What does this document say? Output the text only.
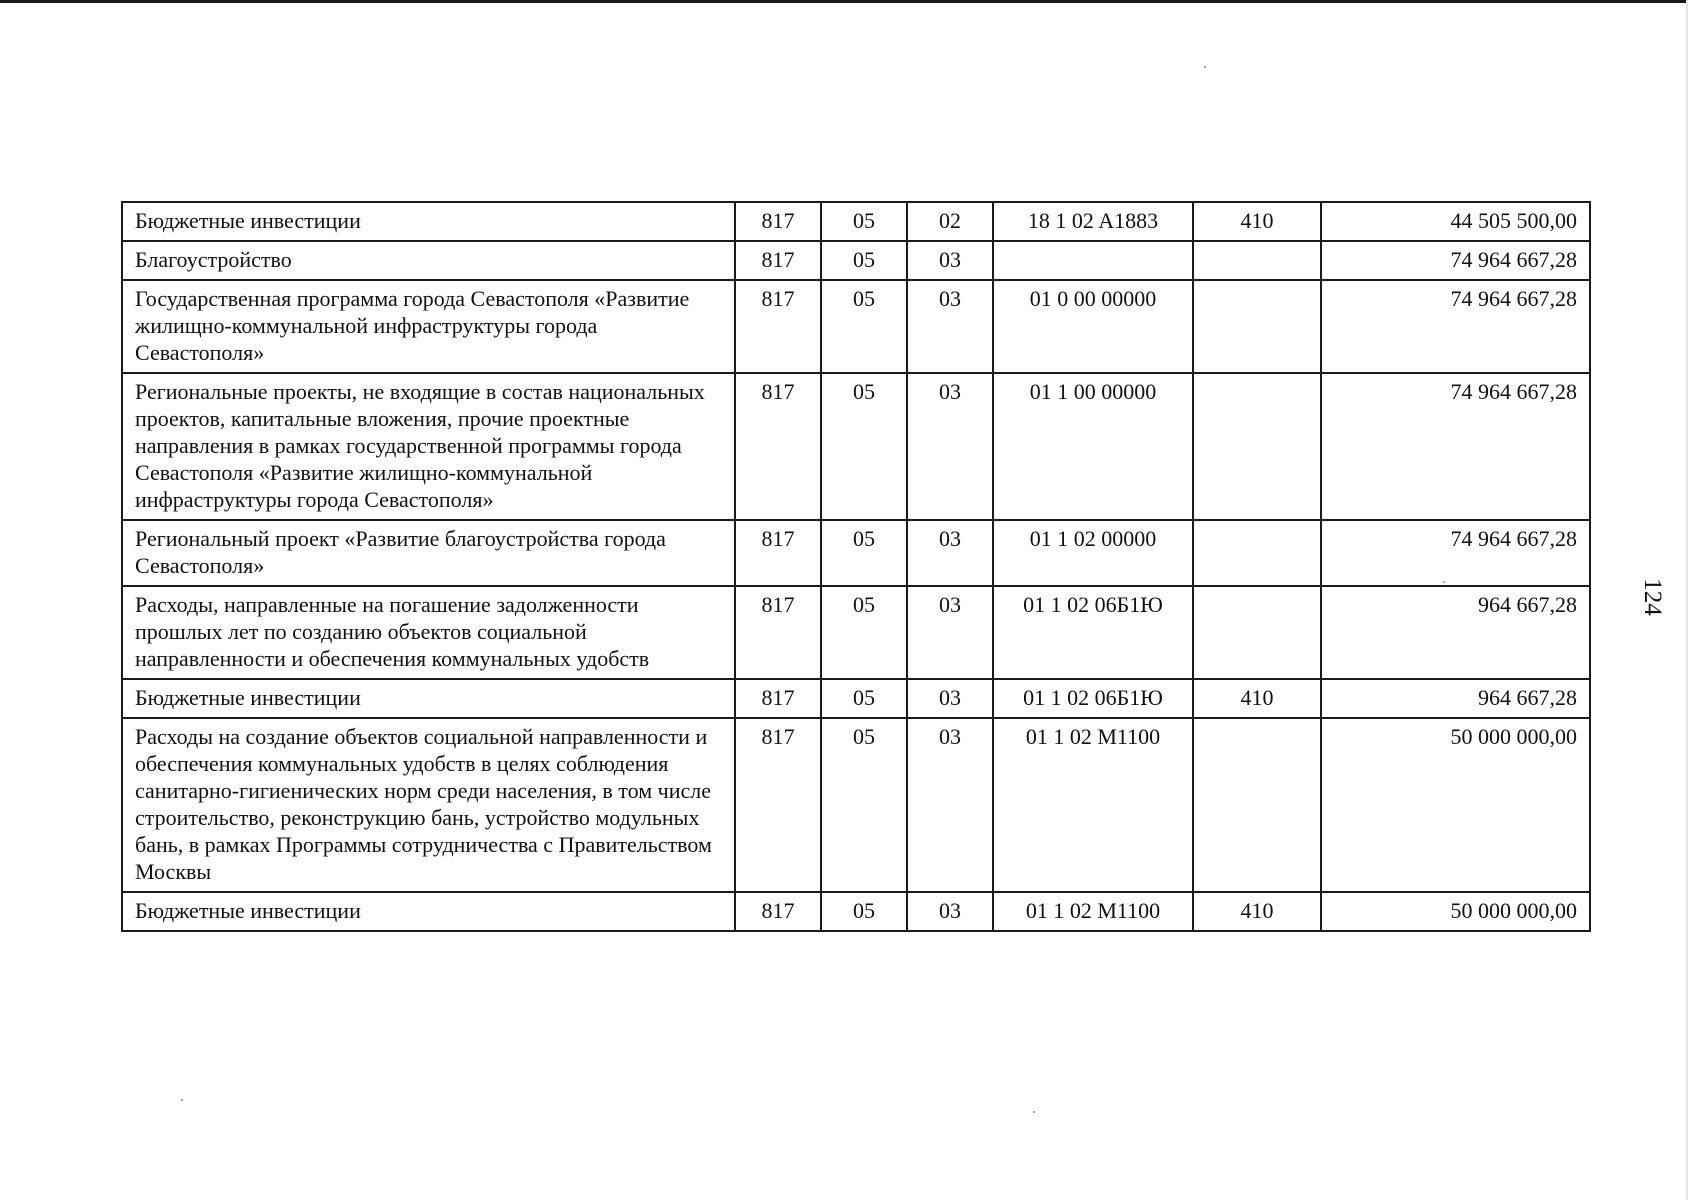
Бюджетные инвестиции	817	05	02	18 1 02 A1883	410	44 505 500,00
Благоустройство	817	05	03			74 964 667,28
Государственная программа города Севастополя «Развитие жилищно-коммунальной инфраструктуры города Севастополя»	817	05	03	01 0 00 00000		74 964 667,28
Региональные проекты, не входящие в состав национальных проектов, капитальные вложения, прочие проектные направления в рамках государственной программы города Севастополя «Развитие жилищно-коммунальной инфраструктуры города Севастополя»	817	05	03	01 1 00 00000		74 964 667,28
Региональный проект «Развитие благоустройства города Севастополя»	817	05	03	01 1 02 00000		74 964 667,28
Расходы, направленные на погашение задолженности прошлых лет по созданию объектов социальной направленности и обеспечения коммунальных удобств	817	05	03	01 1 02 06Б1Ю		964 667,28
Бюджетные инвестиции	817	05	03	01 1 02 06Б1Ю	410	964 667,28
Расходы на создание объектов социальной направленности и обеспечения коммунальных удобств в целях соблюдения санитарно-гигиенических норм среди населения, в том числе строительство, реконструкцию бань, устройство модульных бань, в рамках Программы сотрудничества с Правительством Москвы	817	05	03	01 1 02 М1100		50 000 000,00
Бюджетные инвестиции	817	05	03	01 1 02 М1100	410	50 000 000,00
124
